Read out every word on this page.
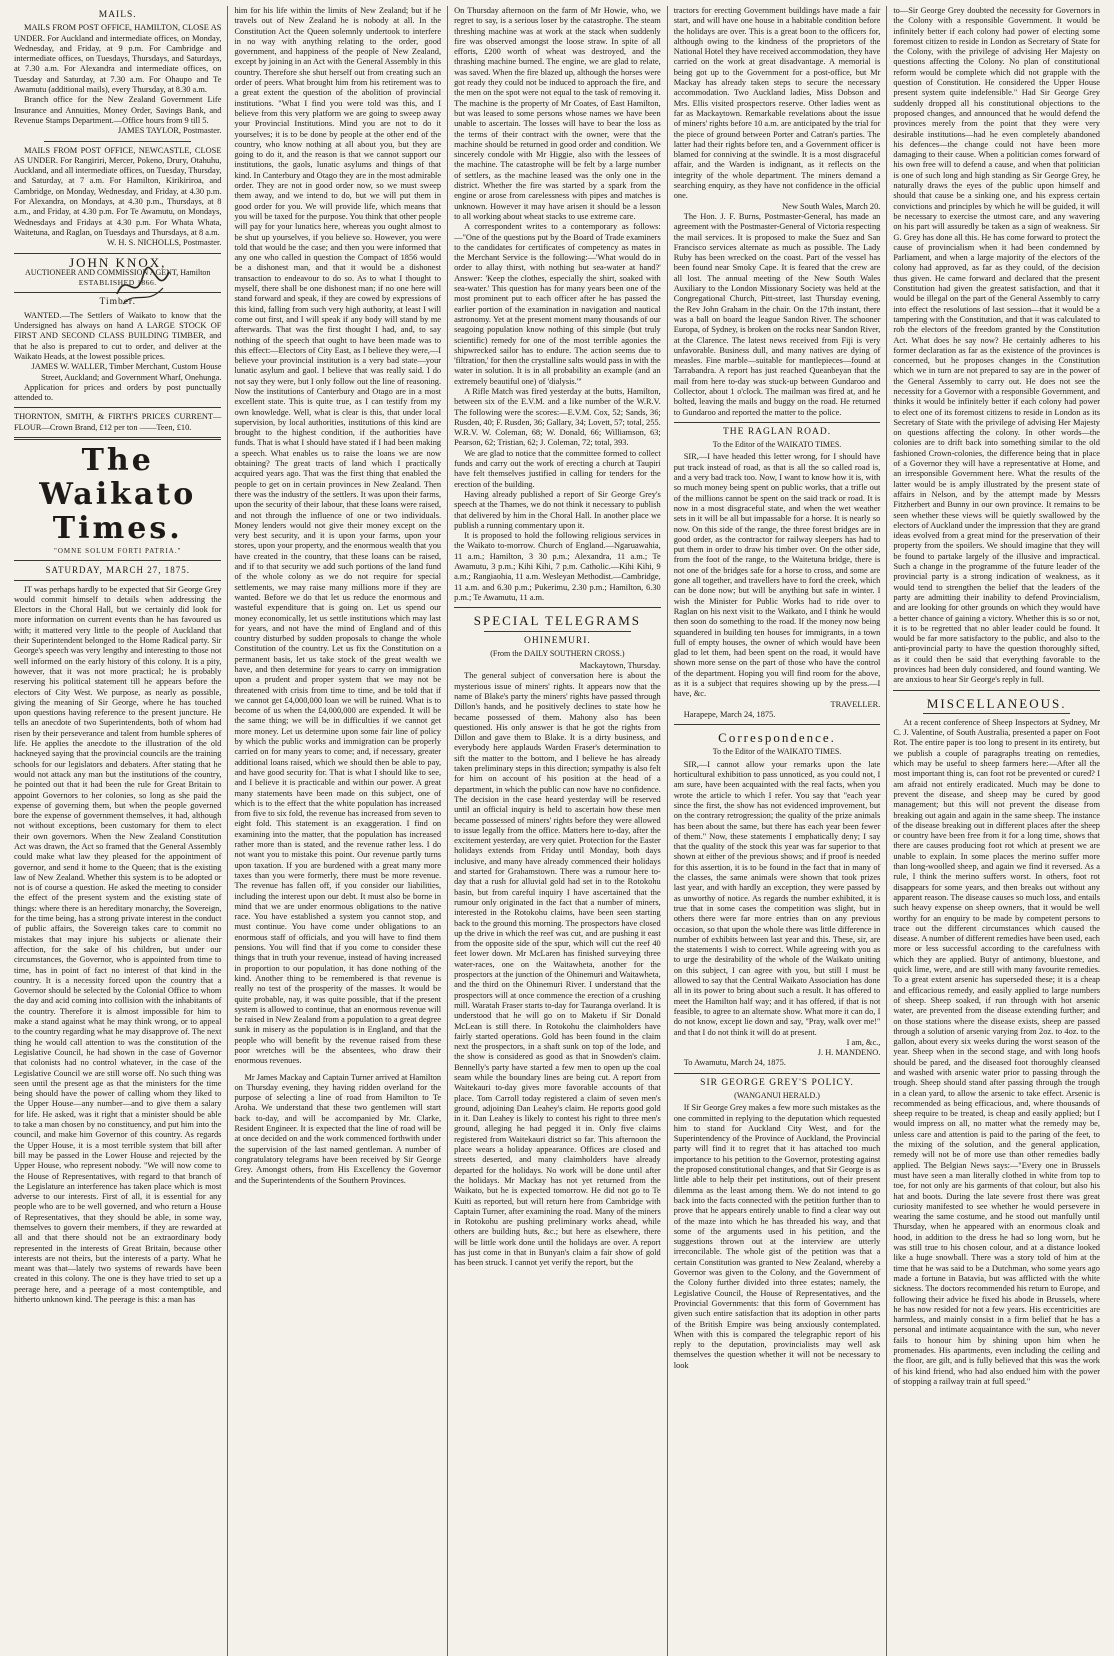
MAILS.

MAILS FROM POST OFFICE, HAMILTON, CLOSE AS UNDER. For Auckland and intermediate offices, on Monday, Wednesday, and Friday, at 9 p.m. For Cambridge and intermediate offices, on Tuesdays, Thursdays, and Saturdays, at 7.30 a.m. For Alexandra and intermediate offices, on Tuesday and Saturday, at 7.30 a.m. For Ohaupo and Te Awamutu (additional mails), every Thursday, at 8.30 a.m.

Branch office for the New Zealand Government Life Insurance and Annuities, Money Order, Savings Bank, and Revenue Stamps Department.—Office hours from 9 till 5.

JAMES TAYLOR, Postmaster.

MAILS FROM POST OFFICE, NEWCASTLE, CLOSE AS UNDER. For Rangiriri, Mercer, Pokeno, Drury, Otahuhu, Auckland, and all intermediate offices, on Tuesday, Thursday, and Saturday, at 7 a.m. For Hamilton, Kirikiriroa, and Cambridge, on Monday, Wednesday, and Friday, at 4.30 p.m. For Alexandra, on Mondays, at 4.30 p.m., Thursdays, at 8 a.m., and Friday, at 4.30 p.m. For Te Awamutu, on Mondays, Wednesdays and Fridays at 4.30 p.m. For Whata Whata, Waitetuna, and Raglan, on Tuesdays and Thursdays, at 8 a.m.

W. H. S. NICHOLLS, Postmaster.

JOHN KNOX,

AUCTIONEER AND COMMISSION AGENT, Hamilton

ESTABLISHED 1866.

Timber.

WANTED.—The Settlers of Waikato to know that the Undersigned has always on hand A LARGE STOCK OF FIRST AND SECOND CLASS BUILDING TIMBER, and that he also is prepared to cut to order, and deliver at the Waikato Heads, at the lowest possible prices.

JAMES W. WALLER, Timber Merchant, Custom House Street, Auckland; and Government Wharf, Onehunga.

Application for prices and orders by post punctually attended to.

THORNTON, SMITH, & FIRTH'S PRICES CURRENT— FLOUR—Crown Brand, £12 per ton ——Teen, £10.

The Waikato Times.

"OMNE SOLUM FORTI PATRIA."

SATURDAY, MARCH 27, 1875.

IT was perhaps hardly to be expected that Sir George Grey would commit himself to details when addressing the Electors in the Choral Hall, but we certainly did look for more information on current events than he has favoured us with; it mattered very little to the people of Auckland that their Superintendent belonged to the Home Radical party. Sir George's speech was very lengthy and interesting to those not well informed on the early history of this colony. It is a pity, however, that it was not more practical; he is probably reserving his political statement till he appears before the electors of City West. We purpose, as nearly as possible, giving the meaning of Sir George, where he has touched upon questions having reference to the present juncture. He tells an anecdote of two Superintendents, both of whom had risen by their perseverance and talent from humble spheres of life. He applies the anecdote to the illustration of the old hackneyed saying that the provincial councils are the training schools for our legislators and debaters. After stating that he would not attack any man but the institutions of the country, he pointed out that it had been the rule for Great Britain to appoint Governors to her colonies, so long as she paid the expense of governing them, but when the people governed bore the expense of government themselves, it had, although not without exceptions, been customary for them to elect their own governors. When the New Zealand Constitution Act was drawn, the Act so framed that the General Assembly could make what law they pleased for the appointment of governor, and send it home to the Queen; that is the existing law of New Zealand. Whether this system is to be adopted or not is of course a question. He asked the meeting to consider the effect of the present system and the existing state of things: where there is an hereditary monarchy, the Sovereign, for the time being, has a strong private interest in the conduct of public affairs, the Sovereign takes care to commit no mistakes that may injure his subjects or alienate their affection, for the sake of his children, but under our circumstances, the Governor, who is appointed from time to time, has in point of fact no interest of that kind in the country. It is a necessity forced upon the country that a Governor should be selected by the Colonial Office to whom the day and acid coming into collision with the inhabitants of the country. Therefore it is almost impossible for him to make a stand against what he may think wrong, or to appeal to the country regarding what he may disapprove of. The next thing he would call attention to was the constitution of the Legislative Council, he had shown in the case of Governor that colonists had no control whatever, in the case of the Legislative Council we are still worse off. No such thing was seen until the present age as that the ministers for the time being should have the power of calling whom they liked to the Upper House—any number—and to give them a salary for life. He asked, was it right that a minister should be able to take a man chosen by no constituency, and put him into the council, and make him Governor of this country. As regards the Upper House, it is a most terrible system that bill after bill may be passed in the Lower House and rejected by the Upper House, who represent nobody. "We will now come to the House of Representatives, with regard to that branch of the Legislature an interference has taken place which is most adverse to our interests. First of all, it is essential for any people who are to be well governed, and who return a House of Representatives, that they should be able, in some way, themselves to govern their members, if they are rewarded at all and that there should not be an extraordinary body represented in the interests of Great Britain, because other interests are not theirs, but the interests of a party. What he meant was that—lately two systems of rewards have been created in this colony. The one is they have tried to set up a peerage here, and a peerage of a most contemptible, and hitherto unknown kind. The peerage is this: a man has

him for his life within the limits of New Zealand; but if he travels out of New Zealand he is nobody at all. In the Constitution Act the Queen solemnly undertook to interfere in no way with anything relating to the order, good government, and happiness of the people of New Zealand, except by joining in an Act with the General Assembly in this country. Therefore she shut herself out from creating such an order of peers. What brought him from his retirement was to a great extent the question of the abolition of provincial institutions. "What I find you were told was this, and I believe from this very platform we are going to sweep away your Provincial Institutions. Mind you are not to do it yourselves; it is to be done by people at the other end of the country, who know nothing at all about you, but they are going to do it, and the reason is that we cannot support our institutions, the gaols, lunatic asylums and things of that kind. In Canterbury and Otago they are in the most admirable order. They are not in good order now, so we must sweep them away, and we intend to do, but we will put them in good order for you. We will provide life, which means that you will be taxed for the purpose. You think that other people will pay for your lunatics here, whereas you ought almost to be shut up yourselves, if you believe so. However, you were told that would be the case; and then you were informed that any one who called in question the Compact of 1856 would be a dishonest man, and that it would be a dishonest transaction to endeavour to do so. As to what I thought to myself, there shall be one dishonest man; if no one here will stand forward and speak, if they are cowed by expressions of this kind, falling from such very high authority, at least I will come out first, and I will speak if any body will stand by me afterwards. That was the first thought I had, and, to say nothing of the speech that ought to have been made was to this effect:—Electors of City East, as I believe they were,—I believe your provincial institution is a very bad state—your lunatic asylum and gaol. I believe that was really said. I do not say they were, but I only follow out the line of reasoning. Now the institutions of Canterbury and Otago are in a most excellent state. This is quite true, as I can testify from my own knowledge. Well, what is clear is this, that under local supervision, by local authorities, institutions of this kind are brought to the highest condition, if the authorities have funds. That is what I should have stated if I had been making a speech. What enables us to raise the loans we are now obtaining? The great tracts of land which I practically acquired years ago. That was the first thing that enabled the people to get on in certain provinces in New Zealand. Then there was the industry of the settlers. It was upon their farms, upon the security of their labour, that these loans were raised, and not through the influence of one or two individuals. Money lenders would not give their money except on the very best security, and it is upon your farms, upon your stores, upon your property, and the enormous wealth that you have created in the country, that these loans can be raised, and if to that security we add such portions of the land fund of the whole colony as we do not require for special settlements, we may raise many millions more if they are wanted. Before we do that let us reduce the enormous and wasteful expenditure that is going on. Let us spend our money economically, let us settle institutions which may last for years, and not have the mind of England and of this country disturbed by sudden proposals to change the whole Constitution of the country. Let us fix the Constitution on a permanent basis, let us take stock of the great wealth we have, and then determine for years to carry on immigration upon a prudent and proper system that we may not be threatened with crisis from time to time, and be told that if we cannot get £4,000,000 loan we will be ruined. What is to become of us when the £4,000,000 are expended. It will be the same thing; we will be in difficulties if we cannot get more money. Let us determine upon some fair line of policy by which the public works and immigration can be properly carried on for many years to come; and, if necessary, greater additional loans raised, which we should then be able to pay, and have good security for. That is what I should like to see, and I believe it is practicable and within our power. A great many statements have been made on this subject, one of which is to the effect that the white population has increased from five to six fold, the revenue has increased from seven to eight fold. This statement is an exaggeration. I find on examining into the matter, that the population has increased rather more than is stated, and the revenue rather less. I do not want you to mistake this point. Our revenue partly turns upon taxation. If you are burdened with a great many more taxes than you were formerly, there must be more revenue. The revenue has fallen off, if you consider our liabilities, including the interest upon our debt. It must also be borne in mind that we are under enormous obligations to the native race. You have established a system you cannot stop, and must continue. You have come under obligations to an enormous staff of officials, and you will have to find them pensions. You will find that if you come to consider these things that in truth your revenue, instead of having increased in proportion to our population, it has done nothing of the kind. Another thing to be remembered is that revenue is really no test of the prosperity of the masses. It would be quite probable, nay, it was quite possible, that if the present system is allowed to continue, that an enormous revenue will be raised in New Zealand from a population to a great degree sunk in misery as the population is in England, and that the people who will benefit by the revenue raised from these poor wretches will be the absentees, who draw their enormous revenues.

Mr James Mackay and Captain Turner arrived at Hamilton on Thursday evening, they having ridden overland for the purpose of selecting a line of road from Hamilton to Te Aroha. We understand that these two gentlemen will start back to-day, and will be accompanied by Mr. Clarke, Resident Engineer. It is expected that the line of road will be at once decided on and the work commenced forthwith under the supervision of the last named gentleman. A number of congratulatory telegrams have been received by Sir George Grey. Amongst others, from His Excellency the Governor and the Superintendents of the Southern Provinces.

On Thursday afternoon on the farm of Mr Howie, who, we regret to say, is a serious loser by the catastrophe. The steam threshing machine was at work at the stack when suddenly fire was observed amongst the loose straw. In spite of all efforts, £200 worth of wheat was destroyed, and the thrashing machine burned. The engine, we are glad to relate, was saved. When the fire blazed up, although the horses were got ready they could not be induced to approach the fire, and the men on the spot were not equal to the task of removing it. The machine is the property of Mr Coates, of East Hamilton, but was leased to some persons whose names we have been unable to ascertain. The losses will have to bear the loss as the terms of their contract with the owner, were that the machine should be returned in good order and condition. We sincerely condole with Mr Higgie, also with the lessees of the machine. The catastrophe will be felt by a large number of settlers, as the machine leased was the only one in the district. Whether the fire was started by a spark from the engine or arose from carelessness with pipes and matches is unknown. However it may have arisen it should be a lesson to all working about wheat stacks to use extreme care.

A correspondent writes to a contemporary as follows:—"One of the questions put by the Board of Trade examiners to the candidates for certificates of competency as mates in the Merchant Service is the following:—'What would do in order to allay thirst, with nothing but sea-water at hand?' Answer: 'Keep the clothes, especially the shirt, soaked with sea-water.' This question has for many years been one of the most prominent put to each officer after he has passed the earlier portion of the examination in navigation and nautical astronomy. Yet at the present moment many thousands of our seagoing population know nothing of this simple (but truly scientific) remedy for one of the most terrible agonies the shipwrecked sailor has to endure. The action seems due to 'filtration,' for then the crystalline salts would pass in with the water in solution. It is in all probability an example (and an extremely beautiful one) of 'dialysis.'"

A Rifle Match was fired yesterday at the butts, Hamilton, between six of the E.V.M. and a like number of the W.R.V. The following were the scores:—E.V.M. Cox, 52; Sands, 36; Rusden, 40; F. Rusden, 36; Gallary, 34; Lovett, 57; total, 255. W.R.V. W. Coleman, 68; W. Donald, 66; Williamson, 63; Pearson, 62; Tristian, 62; J. Coleman, 72; total, 393.

We are glad to notice that the committee formed to collect funds and carry out the work of erecting a church at Taupiri have felt themselves justified in calling for tenders for the erection of the building.

Having already published a report of Sir George Grey's speech at the Thames, we do not think it necessary to publish that delivered by him in the Choral Hall. In another place we publish a running commentary upon it.

It is proposed to hold the following religious services in the Waikato to-morrow. Church of England.—Ngaruawahia, 11 a.m.; Hamilton, 3 30 p.m.; Alexandra, 11 a.m.; Te Awamutu, 3 p.m.; Kihi Kihi, 7 p.m. Catholic.—Kihi Kihi, 9 a.m.; Rangiaohia, 11 a.m. Wesleyan Methodist.—Cambridge, 11 a.m. and 6.30 p.m.; Pukerimu, 2.30 p.m.; Hamilton, 6.30 p.m.; Te Awamutu, 11 a.m.

SPECIAL TELEGRAMS

OHINEMURI.

(From the DAILY SOUTHERN CROSS.)

Mackaytown, Thursday.

The general subject of conversation here is about the mysterious issue of miners' rights. It appears now that the name of Blake's party the miners' rights have passed through Dillon's hands, and he positively declines to state how he became possessed of them. Mahony also has been questioned. His only answer is that he got the rights from Dillon and gave them to Blake. It is a dirty business, and everybody here applauds Warden Fraser's determination to sift the matter to the bottom, and I believe he has already taken preliminary steps in this direction; sympathy is also felt for him on account of his position at the head of a department, in which the public can now have no confidence. The decision in the case heard yesterday will be reserved until an official inquiry is held to ascertain how these men became possessed of miners' rights before they were allowed to issue legally from the office. Matters here to-day, after the excitement yesterday, are very quiet. Protection for the Easter holidays extends from Friday until Monday, both days inclusive, and many have already commenced their holidays and started for Grahamstown. There was a rumour here to-day that a rush for alluvial gold had set in to the Rotokohu basin, but from careful inquiry I have ascertained that the rumour only originated in the fact that a number of miners, interested in the Rotokohu claims, have been seen starting back to the ground this morning. The prospectors have closed up the drive in which the reef was cut, and are pushing it east from the opposite side of the spur, which will cut the reef 40 feet lower down. Mr McLaren has finished surveying three water-races, one on the Waitawheta, another for the prospectors at the junction of the Ohinemuri and Waitawheta, and the third on the Ohinemuri River. I understand that the prospectors will at once commence the erection of a crushing mill. Waratah Fraser starts to-day for Tauranga overland. It is understood that he will go on to Maketu if Sir Donald McLean is still there. In Rotokohu the claimholders have fairly started operations. Gold has been found in the claim next the prospectors, in a shaft sunk on top of the lode, and the show is considered as good as that in Snowden's claim. Bennelly's party have started a few men to open up the coal seam while the boundary lines are being cut. A report from Waitekauri to-day gives more favorable accounts of that place. Tom Carroll today registered a claim of seven men's ground, adjoining Dan Leahey's claim. He reports good gold in it. Dan Leahey is likely to contest his right to three men's ground, alleging he had pegged it in. Only five claims registered from Waitekauri district so far. This afternoon the place wears a holiday appearance. Offices are closed and streets deserted, and many claimholders have already departed for the holidays. No work will be done until after the holidays. Mr Mackay has not yet returned from the Waikato, but he is expected tomorrow. He did not go to Te Kuiti as reported, but will return here from Cambridge with Captain Turner, after examining the road. Many of the miners in Rotokohu are pushing preliminary works ahead, while others are building huts, &c.; but here as elsewhere, there will be little work done until the holidays are over. A report has just come in that in Bunyan's claim a fair show of gold has been struck. I cannot yet verify the report, but the

tractors for erecting Government buildings have made a fair start, and will have one house in a habitable condition before the holidays are over. This is a great boon to the officers for, although owing to the kindness of the proprietors of the National Hotel they have received accommodation, they have carried on the work at great disadvantage. A memorial is being got up to the Government for a post-office, but Mr Mackay has already taken steps to secure the necessary accommodation. Two Auckland ladies, Miss Dobson and Mrs. Ellis visited prospectors reserve. Other ladies went as far as Mackaytown. Remarkable revelations about the issue of miners' rights before 10 a.m. are anticipated by the trial for the piece of ground between Porter and Catran's parties. The latter had their rights before ten, and a Government officer is blamed for conniving at the swindle. It is a most disgraceful affair, and the Warden is indignant, as it reflects on the integrity of the whole department. The miners demand a searching enquiry, as they have not confidence in the official one.

New South Wales, March 20.

The Hon. J. F. Burns, Postmaster-General, has made an agreement with the Postmaster-General of Victoria respecting the mail services. It is proposed to make the Suez and San Francisco services alternate as much as possible. The Lady Ruby has been wrecked on the coast. Part of the vessel has been found near Smoky Cape. It is feared that the crew are all lost. The annual meeting of the New South Wales Auxiliary to the London Missionary Society was held at the Congregational Church, Pitt-street, last Thursday evening, the Rev John Graham in the chair. On the 17th instant, there was a ball on board the league Sandon River. The schooner Europa, of Sydney, is broken on the rocks near Sandon River, at the Clarence. The latest news received from Fiji is very unfavorable. Business dull, and many natives are dying of measles. Fine marble—suitable for mantlepieces—found at Tarrabandra. A report has just reached Queanbeyan that the mail from here to-day was stuck-up between Gundaroo and Collector, about 1 o'clock. The mailman was fired at, and he bolted, leaving the mails and buggy on the road. He returned to Gundaroo and reported the matter to the police.

THE RAGLAN ROAD.

To the Editor of the WAIKATO TIMES.

SIR,—I have headed this letter wrong, for I should have put track instead of road, as that is all the so called road is, and a very bad track too. Now, I want to know how it is, with so much money being spent on public works, that a trifle out of the millions cannot be spent on the said track or road. It is now in a most disgraceful state, and when the wet weather sets in it will be all but impassable for a horse. It is nearly so now. On this side of the range, the three forest bridges are in good order, as the contractor for railway sleepers has had to put them in order to draw his timber over. On the other side, from the foot of the range, to the Waitetuna bridge, there is not one of the bridges safe for a horse to cross, and some are gone all together, and travellers have to ford the creek, which can be done now; but will be anything but safe in winter. I wish the Minister for Public Works had to ride over to Raglan on his next visit to the Waikato, and I think he would then soon do something to the road. If the money now being squandered in building ten houses for immigrants, in a town full of empty houses, the owner of which would have been glad to let them, had been spent on the road, it would have shown more sense on the part of those who have the control of the department. Hoping you will find room for the above, as it is a subject that requires showing up by the press.—I have, &c.

TRAVELLER.

Harapepe, March 24, 1875.

Correspondence.

To the Editor of the WAIKATO TIMES.

SIR,—I cannot allow your remarks upon the late horticultural exhibition to pass unnoticed, as you could not, I am sure, have been acquainted with the real facts, when you wrote the article to which I refer. You say that "each year since the first, the show has not evidenced improvement, but on the contrary retrogression; the quality of the prize animals has been about the same, but there has each year been fewer of them." Now, these statements I emphatically deny; I say that the quality of the stock this year was far superior to that shown at either of the previous shows; and if proof is needed for this assertion, it is to be found in the fact that in many of the classes, the same animals were shown that took prizes last year, and with hardly an exception, they were passed by as unworthy of notice. As regards the number exhibited, it is true that in some cases the competition was slight, but in others there were far more entries than on any previous occasion, so that upon the whole there was little difference in number of exhibits between last year and this. These, sir, are the statements I wish to correct. While agreeing with you as to urge the desirability of the whole of the Waikato uniting on this subject, I can agree with you, but still I must be allowed to say that the Central Waikato Association has done all in its power to bring about such a result. It has offered to meet the Hamilton half way; and it has offered, if that is not feasible, to agree to an alternate show. What more it can do, I do not know, except lie down and say, "Pray, walk over me!" and that I do not think it will do at present.

I am, &c.,

J. H. MANDENO.

To Awamutu, March 24, 1875.

SIR GEORGE GREY'S POLICY.

(WANGANUI HERALD.)

If Sir George Grey makes a few more such mistakes as the one committed in replying to the deputation which requested him to stand for Auckland City West, and for the Superintendency of the Province of Auckland, the Provincial party will find it to regret that it has attached too much importance to his petition to the Governor, protesting against the proposed constitutional changes, and that Sir George is as little able to help their pet institutions, out of their present dilemma as the least among them. We do not intend to go back into the facts connected with the petition further than to prove that he appears entirely unable to find a clear way out of the maze into which he has threaded his way, and that some of the arguments used in his petition, and the suggestions thrown out at the interview are utterly irreconcilable. The whole gist of the petition was that a certain Constitution was granted to New Zealand, whereby a Governor was given to the Colony, and the Government of the Colony further divided into three estates; namely, the Legislative Council, the House of Representatives, and the Provincial Governments: that this form of Government has given such entire satisfaction that its adoption in other parts of the British Empire was being anxiously contemplated. When with this is compared the telegraphic report of his reply to the deputation, provincialists may well ask themselves the question whether it will not be necessary to look

to—Sir George Grey doubted the necessity for Governors in the Colony with a responsible Government. It would be infinitely better if each colony had power of electing some foremost citizen to reside in London as Secretary of State for the Colony, with the privilege of advising Her Majesty on questions affecting the Colony. No plan of constitutional reform would be complete which did not grapple with the question of Constitution. He considered the Upper House present system quite indefensible." Had Sir George Grey suddenly dropped all his constitutional objections to the proposed changes, and announced that he would defend the provinces merely from the point that they were very desirable institutions—had he even completely abandoned his defences—the change could not have been more damaging to their cause. When a politician comes forward of his own free will to defend a cause, and when that politician is one of such long and high standing as Sir George Grey, he naturally draws the eyes of the public upon himself and should that cause be a sinking one, and his express certain convictions and principles by which he will be guided, it will be necessary to exercise the utmost care, and any wavering on his part will assuredly be taken as a sign of weakness. Sir G. Grey has done all this. He has come forward to protect the cause of provincialism when it had been condemned by Parliament, and when a large majority of the electors of the colony had approved, as far as they could, of the decision thus given. He came forward and declared that the present Constitution had given the greatest satisfaction, and that it would be illegal on the part of the General Assembly to carry into effect the resolutions of last session—that it would be a tampering with the Constitution, and that it was calculated to rob the electors of the freedom granted by the Constitution Act. What does he say now? He certainly adheres to his former declaration as far as the existence of the provinces is concerned, but he proposes changes in the Constitution which we in turn are not prepared to say are in the power of the General Assembly to carry out. He does not see the necessity for a Governor with a responsible Government, and thinks it would be infinitely better if each colony had power to elect one of its foremost citizens to reside in London as its Secretary of State with the privilege of advising Her Majesty on questions affecting the colony. In other words—the colonies are to drift back into something similar to the old fashioned Crown-colonies, the difference being that in place of a Governor they will have a representative at Home, and an irresponsible Government here. What the results of the latter would be is amply illustrated by the present state of affairs in Nelson, and by the attempt made by Messrs Fitzherbert and Bunny in our own province. It remains to be seen whether these views will be quietly swallowed by the electors of Auckland under the impression that they are grand ideas evolved from a great mind for the preservation of their property from the spoilers. We should imagine that they will be found to partake largely of the illusive and impractical. Such a change in the programme of the future leader of the provincial party is a strong indication of weakness, as it would tend to strengthen the belief that the leaders of the party are admitting their inability to defend Provincialism, and are looking for other grounds on which they would have a better chance of gaining a victory. Whether this is so or not, it is to be regretted that no abler leader could be found. It would be far more satisfactory to the public, and also to the anti-provincial party to have the question thoroughly sifted, as it could then be said that everything favorable to the provinces had been duly considered, and found wanting. We are anxious to hear Sir George's reply in full.

MISCELLANEOUS.

At a recent conference of Sheep Inspectors at Sydney, Mr C. J. Valentine, of South Australia, presented a paper on Foot Rot. The entire paper is too long to present in its entirety, but we publish a couple of paragraphs treating on remedies, which may be useful to sheep farmers here:—After all the most important thing is, can foot rot be prevented or cured? I am afraid not entirely eradicated. Much may be done to prevent the disease, and sheep may be cured by good management; but this will not prevent the disease from breaking out again and again in the same sheep. The instance of the disease breaking out in different places after the sheep or country have been free from it for a long time, shows that there are causes producing foot rot which at present we are unable to explain. In some places the merino suffer more than long-woolled sheep, and again we find it reversed. As a rule, I think the merino suffers worst. In others, foot rot disappears for some years, and then breaks out without any apparent reason. The disease causes so much loss, and entails such heavy expense on sheep owners, that it would be well worthy for an enquiry to be made by competent persons to trace out the different circumstances which caused the disease. A number of different remedies have been used, each more or less successful according to the carefulness with which they are applied. Butyr of antimony, bluestone, and quick lime, were, and are still with many favourite remedies. To a great extent arsenic has superseded these; it is a cheap and efficacious remedy, and easily applied to large numbers of sheep. Sheep soaked, if run through with hot arsenic water, are prevented from the disease extending further; and on those stations where the disease exists, sheep are passed through a solution of arsenic varying from 2oz. to 4oz. to the gallon, about every six weeks during the worst season of the year. Sheep when in the second stage, and with long hoofs should be pared, and the diseased foot thoroughly cleansed and washed with arsenic water prior to passing through the trough. Sheep should stand after passing through the trough in a clean yard, to allow the arsenic to take effect. Arsenic is recommended as being efficacious, and, where thousands of sheep require to be treated, is cheap and easily applied; but I would impress on all, no matter what the remedy may be, unless care and attention is paid to the paring of the feet, to the mixing of the solution, and the general application, remedy will not be of more use than other remedies badly applied. The Belgian News says:—"Every one in Brussels must have seen a man literally clothed in white from top to toe, for not only are his garments of that colour, but also his hat and boots. During the late severe frost there was great curiosity manifested to see whether he would persevere in wearing the same costume, and he stood out manfully until Thursday, when he appeared with an enormous cloak and hood, in addition to the dress he had so long worn, but he was still true to his chosen colour, and at a distance looked like a huge snowball. There was a story told of him at the time that he was said to be a Dutchman, who some years ago made a fortune in Batavia, but was afflicted with the white sickness. The doctors recommended his return to Europe, and following their advice he fixed his abode in Brussels, where he has now resided for not a few years. His eccentricities are harmless, and mainly consist in a firm belief that he has a personal and intimate acquaintance with the sun, who never fails to honour him by shining upon him when he promenades. His apartments, even including the ceiling and the floor, are gilt, and is fully believed that this was the work of his kind friend, who had also endued him with the power of stopping a railway train at full speed."
